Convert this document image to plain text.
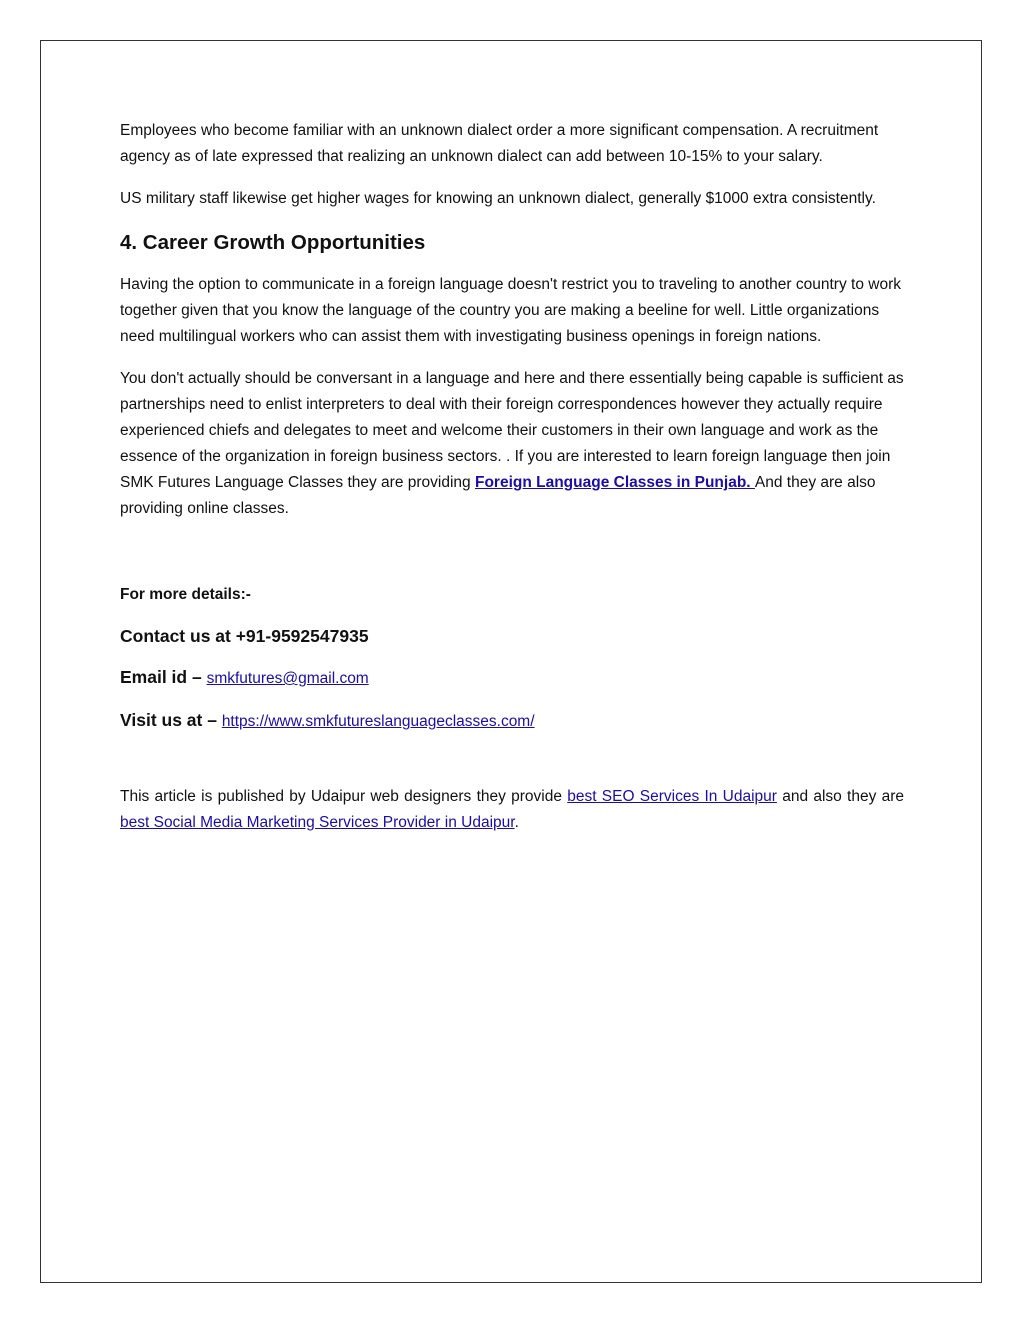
Employees who become familiar with an unknown dialect order a more significant compensation. A recruitment agency as of late expressed that realizing an unknown dialect can add between 10-15% to your salary.

US military staff likewise get higher wages for knowing an unknown dialect, generally $1000 extra consistently.

4. Career Growth Opportunities

Having the option to communicate in a foreign language doesn't restrict you to traveling to another country to work together given that you know the language of the country you are making a beeline for well. Little organizations need multilingual workers who can assist them with investigating business openings in foreign nations.

You don't actually should be conversant in a language and here and there essentially being capable is sufficient as partnerships need to enlist interpreters to deal with their foreign correspondences however they actually require experienced chiefs and delegates to meet and welcome their customers in their own language and work as the essence of the organization in foreign business sectors. . If you are interested to learn foreign language then join SMK Futures Language Classes they are providing Foreign Language Classes in Punjab. And they are also providing online classes.

For more details:-

Contact us at +91-9592547935

Email id – smkfutures@gmail.com

Visit us at – https://www.smkfutureslanguageclasses.com/

This article is published by Udaipur web designers they provide best SEO Services In Udaipur and also they are best Social Media Marketing Services Provider in Udaipur.
